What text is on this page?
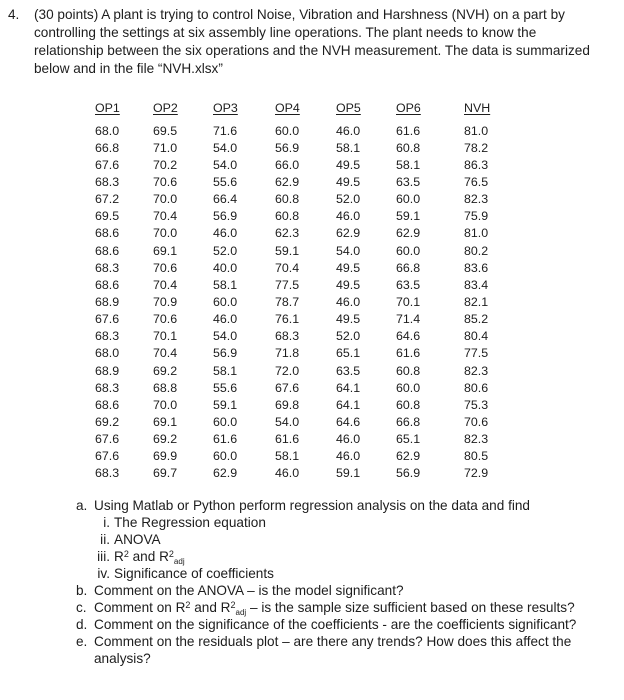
4. (30 points) A plant is trying to control Noise, Vibration and Harshness (NVH) on a part by controlling the settings at six assembly line operations. The plant needs to know the relationship between the six operations and the NVH measurement. The data is summarized below and in the file “NVH.xlsx”
OP1	OP2	OP3	OP4	OP5	OP6	NVH
68.0	69.5	71.6	60.0	46.0	61.6	81.0
66.8	71.0	54.0	56.9	58.1	60.8	78.2
67.6	70.2	54.0	66.0	49.5	58.1	86.3
68.3	70.6	55.6	62.9	49.5	63.5	76.5
67.2	70.0	66.4	60.8	52.0	60.0	82.3
69.5	70.4	56.9	60.8	46.0	59.1	75.9
68.6	70.0	46.0	62.3	62.9	62.9	81.0
68.6	69.1	52.0	59.1	54.0	60.0	80.2
68.3	70.6	40.0	70.4	49.5	66.8	83.6
68.6	70.4	58.1	77.5	49.5	63.5	83.4
68.9	70.9	60.0	78.7	46.0	70.1	82.1
67.6	70.6	46.0	76.1	49.5	71.4	85.2
68.3	70.1	54.0	68.3	52.0	64.6	80.4
68.0	70.4	56.9	71.8	65.1	61.6	77.5
68.9	69.2	58.1	72.0	63.5	60.8	82.3
68.3	68.8	55.6	67.6	64.1	60.0	80.6
68.6	70.0	59.1	69.8	64.1	60.8	75.3
69.2	69.1	60.0	54.0	64.6	66.8	70.6
67.6	69.2	61.6	61.6	46.0	65.1	82.3
67.6	69.9	60.0	58.1	46.0	62.9	80.5
68.3	69.7	62.9	46.0	59.1	56.9	72.9
a. Using Matlab or Python perform regression analysis on the data and find
i. The Regression equation
ii. ANOVA
iii. $R^2$ and $R^2_{adj}$
iv. Significance of coefficients
b. Comment on the ANOVA – is the model significant?
c. Comment on $R^2$ and $R^2_{adj}$ – is the sample size sufficient based on these results?
d. Comment on the significance of the coefficients - are the coefficients significant?
e. Comment on the residuals plot – are there any trends? How does this affect the analysis?
